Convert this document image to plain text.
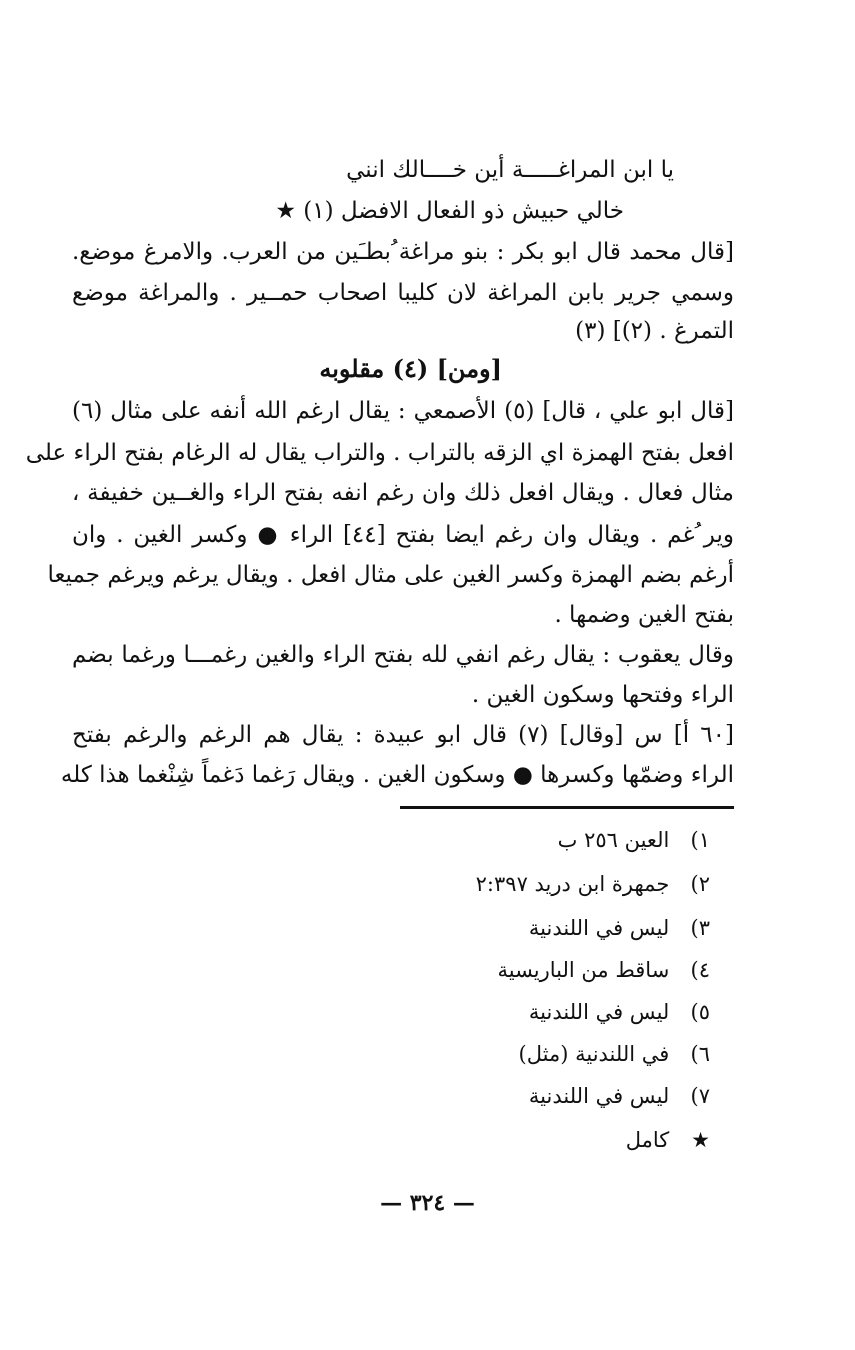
يا ابن المراغـــــة أين خــــالك انني
خالي حبيش ذو الفعال الافضل (١) ★
[قال محمد قال ابو بكر : بنو مراغة ُبطـَين من العرب. والامرغ موضع.
وسمي جرير بابن المراغة لان كليبا اصحاب حمــير . والمراغة موضع
التمرغ . (٢)] (٣)
[ومن] (٤) مقلوبه
[قال ابو علي ، قال] (٥) الأصمعي : يقال ارغم الله أنفه على مثال (٦)
افعل بفتح الهمزة اي الزقه بالتراب . والتراب يقال له الرغام بفتح الراء على
مثال فعال . ويقال افعل ذلك وان رغم انفه بفتح الراء والغــين خفيفة ،
وير ُغم . ويقال وان رغم ايضا بفتح [٤٤] الراء ● وكسر الغين . وان
أرغم بضم الهمزة وكسر الغين على مثال افعل . ويقال يرغم ويرغم جميعا
بفتح الغين وضمها .
وقال يعقوب : يقال رغم انفي لله بفتح الراء والغين رغمـــا ورغما بضم
الراء وفتحها وسكون الغين .
[٦٠ أ] س [وقال] (٧) قال ابو عبيدة : يقال هم الرغم والرغم بفتح
الراء وضمّها وكسرها ● وسكون الغين . ويقال رَغما دَغماً شِنْغما هذا كله
١) العين ٢٥٦ ب
٢) جمهرة ابن دريد ٢:٣٩٧
٣) ليس في اللندنية
٤) ساقط من الباريسية
٥) ليس في اللندنية
٦) في اللندنية (مثل)
٧) ليس في اللندنية
★ كامل
— ٣٢٤ —
